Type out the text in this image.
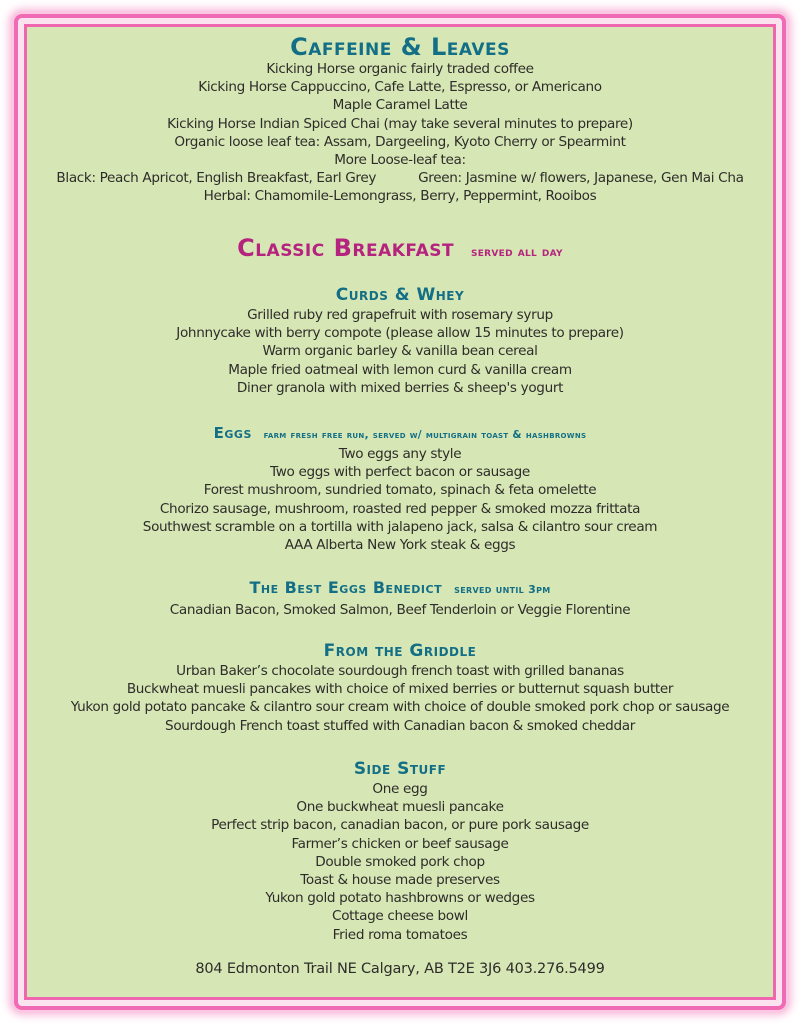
Caffeine & Leaves
Kicking Horse organic fairly traded coffee
Kicking Horse Cappuccino, Cafe Latte, Espresso, or Americano
Maple Caramel Latte
Kicking Horse Indian Spiced Chai (may take several minutes to prepare)
Organic loose leaf tea: Assam, Dargeeling, Kyoto Cherry or Spearmint
More Loose-leaf tea:
Black: Peach Apricot, English Breakfast, Earl Grey	Green: Jasmine w/ flowers, Japanese, Gen Mai Cha
Herbal: Chamomile-Lemongrass, Berry, Peppermint, Rooibos
Classic Breakfast served all day
Curds & Whey
Grilled ruby red grapefruit with rosemary syrup
Johnnycake with berry compote (please allow 15 minutes to prepare)
Warm organic barley & vanilla bean cereal
Maple fried oatmeal with lemon curd & vanilla cream
Diner granola with mixed berries & sheep's yogurt
Eggs farm fresh free run, served w/ multigrain toast & hashbrowns
Two eggs any style
Two eggs with perfect bacon or sausage
Forest mushroom, sundried tomato, spinach & feta omelette
Chorizo sausage, mushroom, roasted red pepper & smoked mozza frittata
Southwest scramble on a tortilla with jalapeno jack, salsa & cilantro sour cream
AAA Alberta New York steak & eggs
The Best Eggs Benedict served until 3pm
Canadian Bacon, Smoked Salmon, Beef Tenderloin or Veggie Florentine
From the Griddle
Urban Baker’s chocolate sourdough french toast with grilled bananas
Buckwheat muesli pancakes with choice of mixed berries or butternut squash butter
Yukon gold potato pancake & cilantro sour cream with choice of double smoked pork chop or sausage
Sourdough French toast stuffed with Canadian bacon & smoked cheddar
Side Stuff
One egg
One buckwheat muesli pancake
Perfect strip bacon, canadian bacon, or pure pork sausage
Farmer’s chicken or beef sausage
Double smoked pork chop
Toast & house made preserves
Yukon gold potato hashbrowns or wedges
Cottage cheese bowl
Fried roma tomatoes
804 Edmonton Trail NE Calgary, AB T2E 3J6 403.276.5499
